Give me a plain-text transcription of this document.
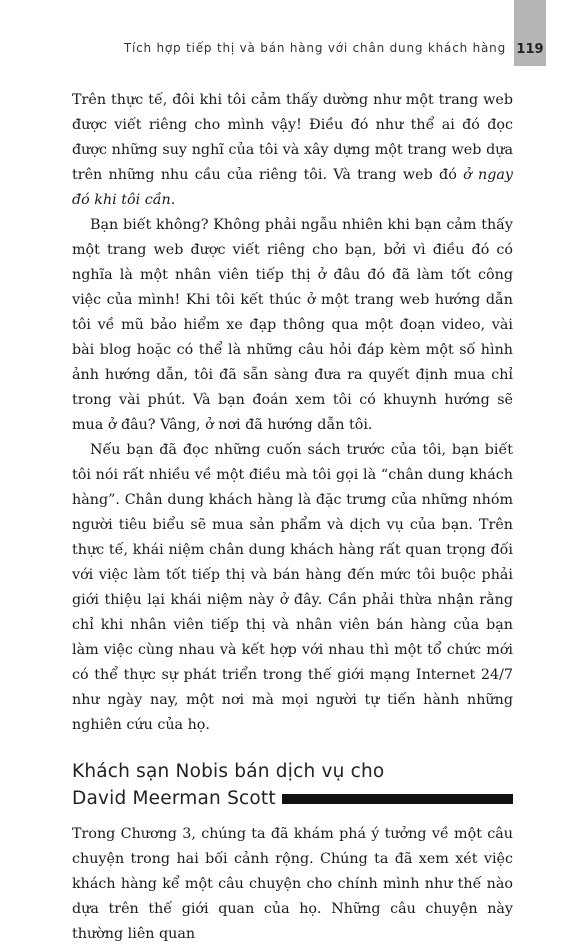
Tích hợp tiếp thị và bán hàng với chân dung khách hàng 119

Trên thực tế, đôi khi tôi cảm thấy dường như một trang web được viết riêng cho mình vậy! Điều đó như thể ai đó đọc được những suy nghĩ của tôi và xây dựng một trang web dựa trên những nhu cầu của riêng tôi. Và trang web đó ở ngay đó khi tôi cần.

Bạn biết không? Không phải ngẫu nhiên khi bạn cảm thấy một trang web được viết riêng cho bạn, bởi vì điều đó có nghĩa là một nhân viên tiếp thị ở đâu đó đã làm tốt công việc của mình! Khi tôi kết thúc ở một trang web hướng dẫn tôi về mũ bảo hiểm xe đạp thông qua một đoạn video, vài bài blog hoặc có thể là những câu hỏi đáp kèm một số hình ảnh hướng dẫn, tôi đã sẵn sàng đưa ra quyết định mua chỉ trong vài phút. Và bạn đoán xem tôi có khuynh hướng sẽ mua ở đâu? Vâng, ở nơi đã hướng dẫn tôi.

Nếu bạn đã đọc những cuốn sách trước của tôi, bạn biết tôi nói rất nhiều về một điều mà tôi gọi là “chân dung khách hàng”. Chân dung khách hàng là đặc trưng của những nhóm người tiêu biểu sẽ mua sản phẩm và dịch vụ của bạn. Trên thực tế, khái niệm chân dung khách hàng rất quan trọng đối với việc làm tốt tiếp thị và bán hàng đến mức tôi buộc phải giới thiệu lại khái niệm này ở đây. Cần phải thừa nhận rằng chỉ khi nhân viên tiếp thị và nhân viên bán hàng của bạn làm việc cùng nhau và kết hợp với nhau thì một tổ chức mới có thể thực sự phát triển trong thế giới mạng Internet 24/7 như ngày nay, một nơi mà mọi người tự tiến hành những nghiên cứu của họ.

Khách sạn Nobis bán dịch vụ cho
David Meerman Scott

Trong Chương 3, chúng ta đã khám phá ý tưởng về một câu chuyện trong hai bối cảnh rộng. Chúng ta đã xem xét việc khách hàng kể một câu chuyện cho chính mình như thế nào dựa trên thế giới quan của họ. Những câu chuyện này thường liên quan
